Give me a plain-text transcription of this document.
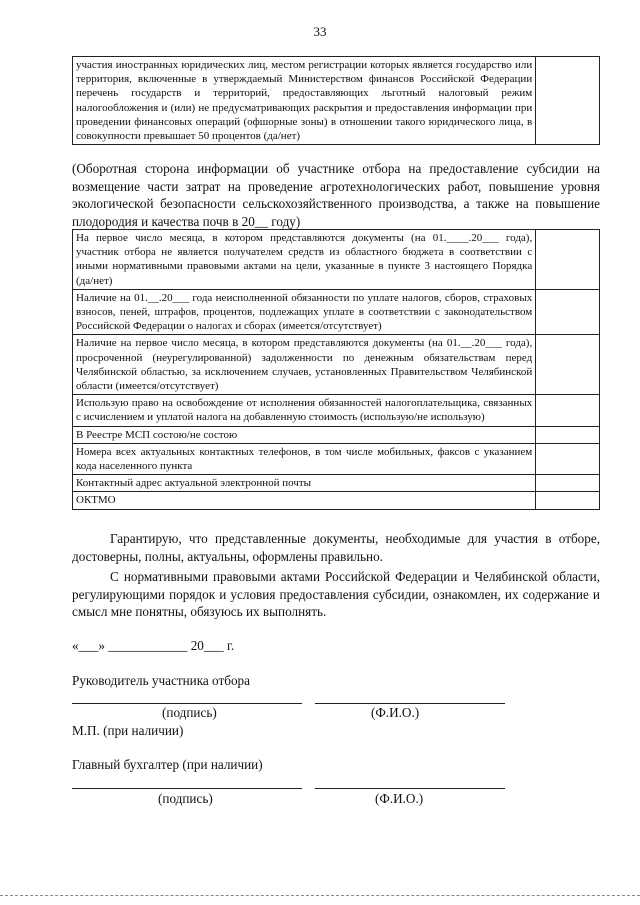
33
участия иностранных юридических лиц, местом регистрации которых является государство или территория, включенные в утверждаемый Министерством финансов Российской Федерации перечень государств и территорий, предоставляющих льготный налоговый режим налогообложения и (или) не предусматривающих раскрытия и предоставления информации при проведении финансовых операций (офшорные зоны) в отношении такого юридического лица, в совокупности превышает 50 процентов (да/нет)	
(Оборотная сторона информации об участнике отбора на предоставление субсидии на возмещение части затрат на проведение агротехнологических работ, повышение уровня экологической безопасности сельскохозяйственного производства, а также на повышение плодородия и качества почв в 20__ году)
На первое число месяца, в котором представляются документы (на 01.____.20___ года), участник отбора не является получателем средств из областного бюджета в соответствии с иными нормативными правовыми актами на цели, указанные в пункте 3 настоящего Порядка (да/нет)	
Наличие на 01.__.20___ года неисполненной обязанности по уплате налогов, сборов, страховых взносов, пеней, штрафов, процентов, подлежащих уплате в соответствии с законодательством Российской Федерации о налогах и сборах (имеется/отсутствует)	
Наличие на первое число месяца, в котором представляются документы (на 01.__.20___ года), просроченной (неурегулированной) задолженности по денежным обязательствам перед Челябинской областью, за исключением случаев, установленных Правительством Челябинской области (имеется/отсутствует)	
Использую право на освобождение от исполнения обязанностей налогоплательщика, связанных с исчислением и уплатой налога на добавленную стоимость (использую/не использую)	
В Реестре МСП состою/не состою	
Номера всех актуальных контактных телефонов, в том числе мобильных, факсов с указанием кода населенного пункта	
Контактный адрес актуальной электронной почты	
ОКТМО	
Гарантирую, что представленные документы, необходимые для участия в отборе, достоверны, полны, актуальны, оформлены правильно.
С нормативными правовыми актами Российской Федерации и Челябинской области, регулирующими порядок и условия предоставления субсидии, ознакомлен, их содержание и смысл мне понятны, обязуюсь их выполнять.
«___» ____________ 20___ г.
Руководитель участника отбора
(подпись)	(Ф.И.О.)
М.П. (при наличии)
Главный бухгалтер (при наличии)
(подпись)	(Ф.И.О.)
